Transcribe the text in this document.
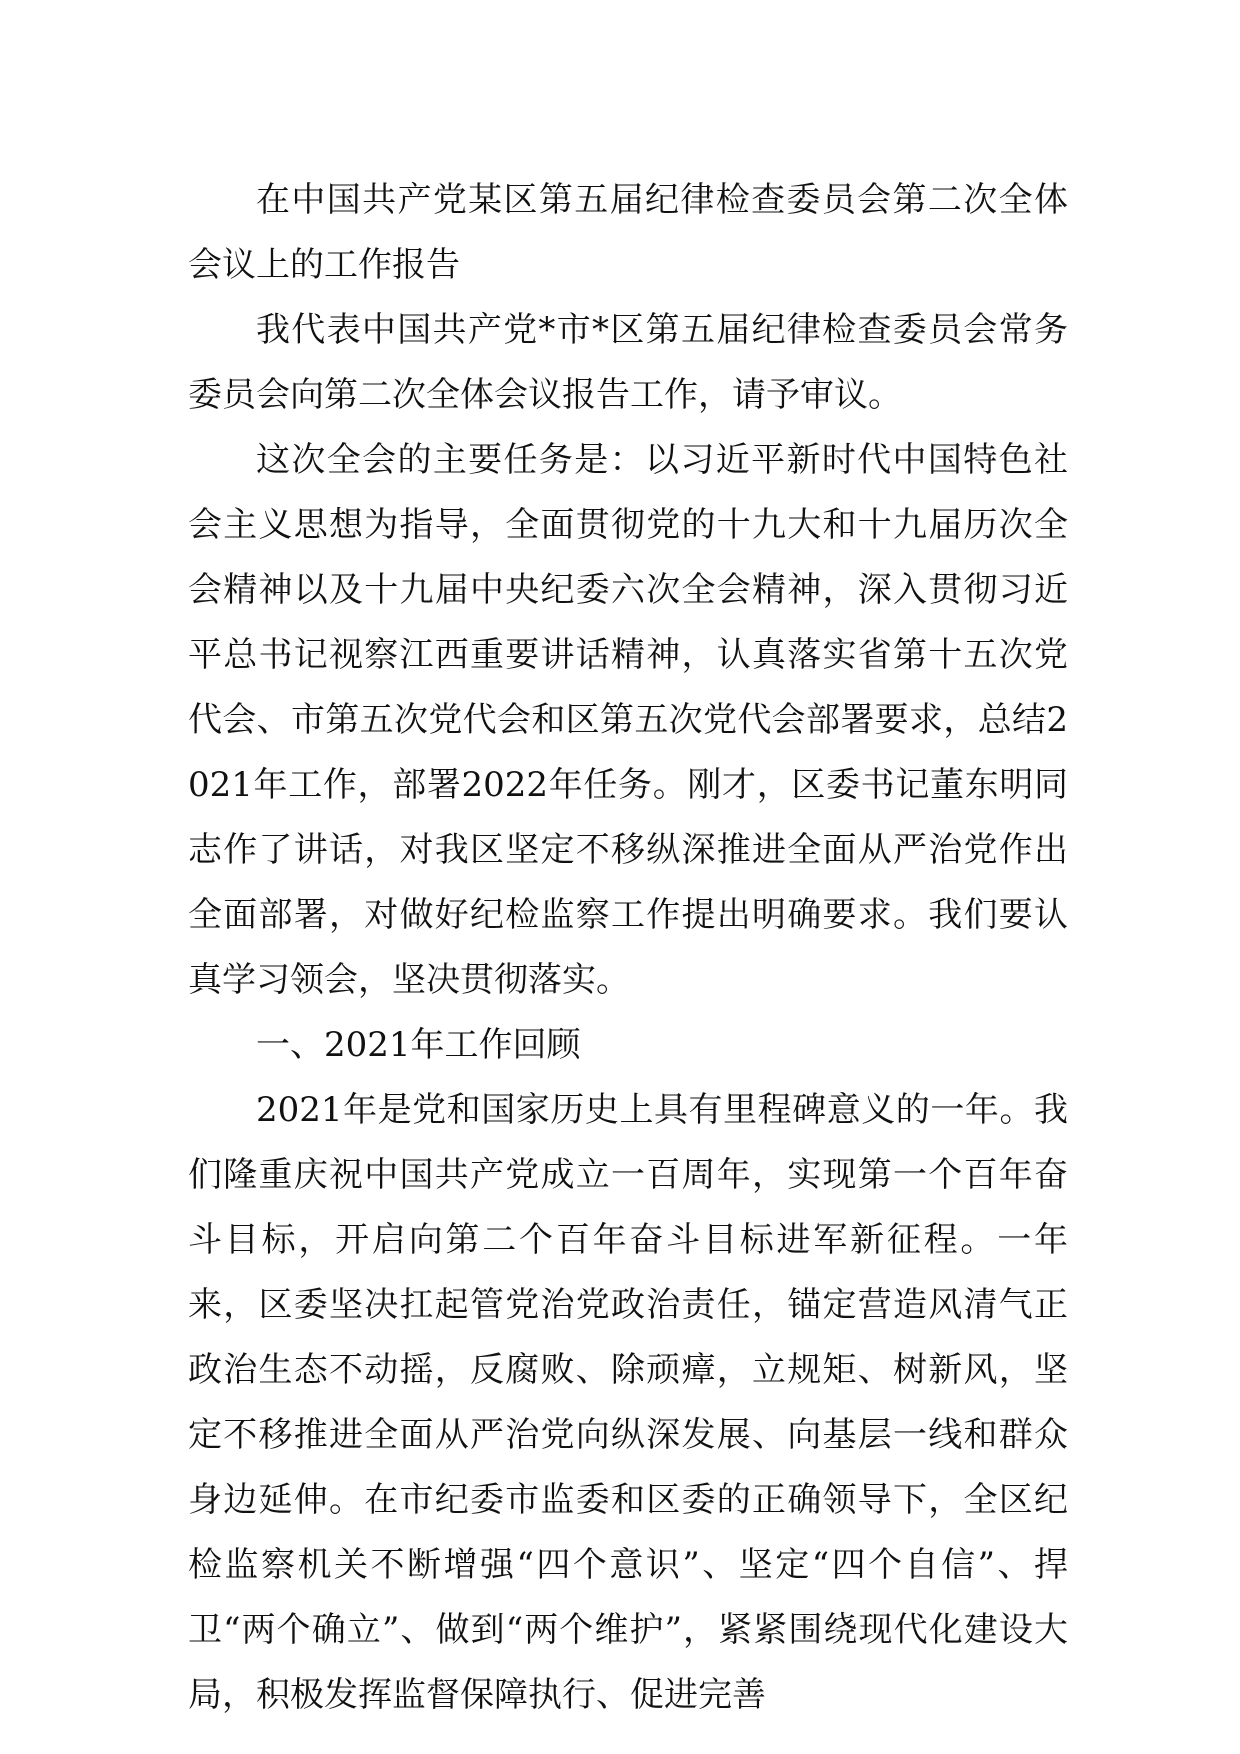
在中国共产党某区第五届纪律检查委员会第二次全体会议上的工作报告

我代表中国共产党*市*区第五届纪律检查委员会常务委员会向第二次全体会议报告工作，请予审议。

这次全会的主要任务是：以习近平新时代中国特色社会主义思想为指导，全面贯彻党的十九大和十九届历次全会精神以及十九届中央纪委六次全会精神，深入贯彻习近平总书记视察江西重要讲话精神，认真落实省第十五次党代会、市第五次党代会和区第五次党代会部署要求，总结2021年工作，部署2022年任务。刚才，区委书记董东明同志作了讲话，对我区坚定不移纵深推进全面从严治党作出全面部署，对做好纪检监察工作提出明确要求。我们要认真学习领会，坚决贯彻落实。

一、2021年工作回顾

2021年是党和国家历史上具有里程碑意义的一年。我们隆重庆祝中国共产党成立一百周年，实现第一个百年奋斗目标，开启向第二个百年奋斗目标进军新征程。一年来，区委坚决扛起管党治党政治责任，锚定营造风清气正政治生态不动摇，反腐败、除顽瘴，立规矩、树新风，坚定不移推进全面从严治党向纵深发展、向基层一线和群众身边延伸。在市纪委市监委和区委的正确领导下，全区纪检监察机关不断增强“四个意识”、坚定“四个自信”、捍卫“两个确立”、做到“两个维护”，紧紧围绕现代化建设大局，积极发挥监督保障执行、促进完善
